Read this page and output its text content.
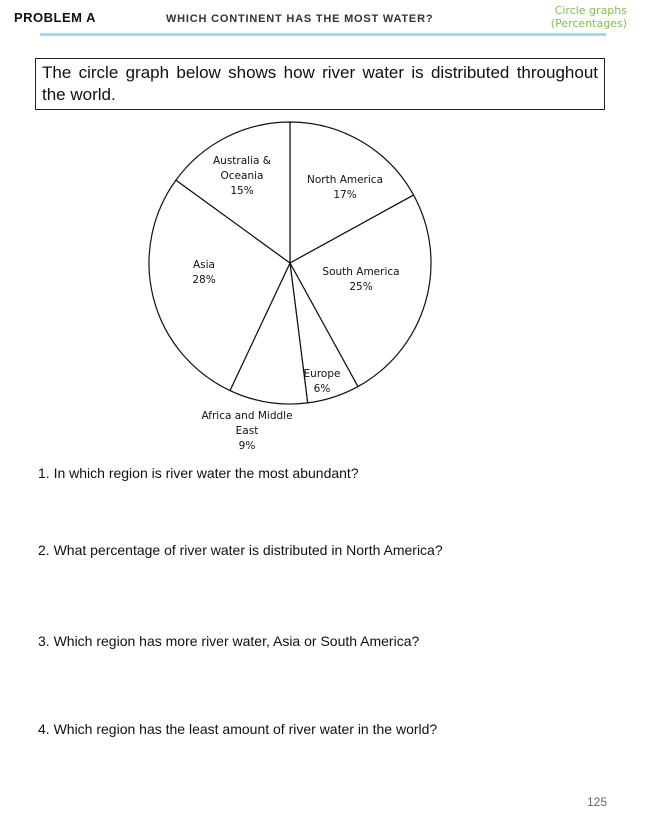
PROBLEM A	WHICH CONTINENT HAS THE MOST WATER?
Circle graphs
(Percentages)
The circle graph below shows how river water is distributed throughout the world.
North America 17%
South America 25%
Europe 6%
Africa and Middle East 9%
Asia 28%
Australia & Oceania 15%
1. In which region is river water the most abundant?
2. What percentage of river water is distributed in North America?
3. Which region has more river water, Asia or South America?
4. Which region has the least amount of river water in the world?
125
